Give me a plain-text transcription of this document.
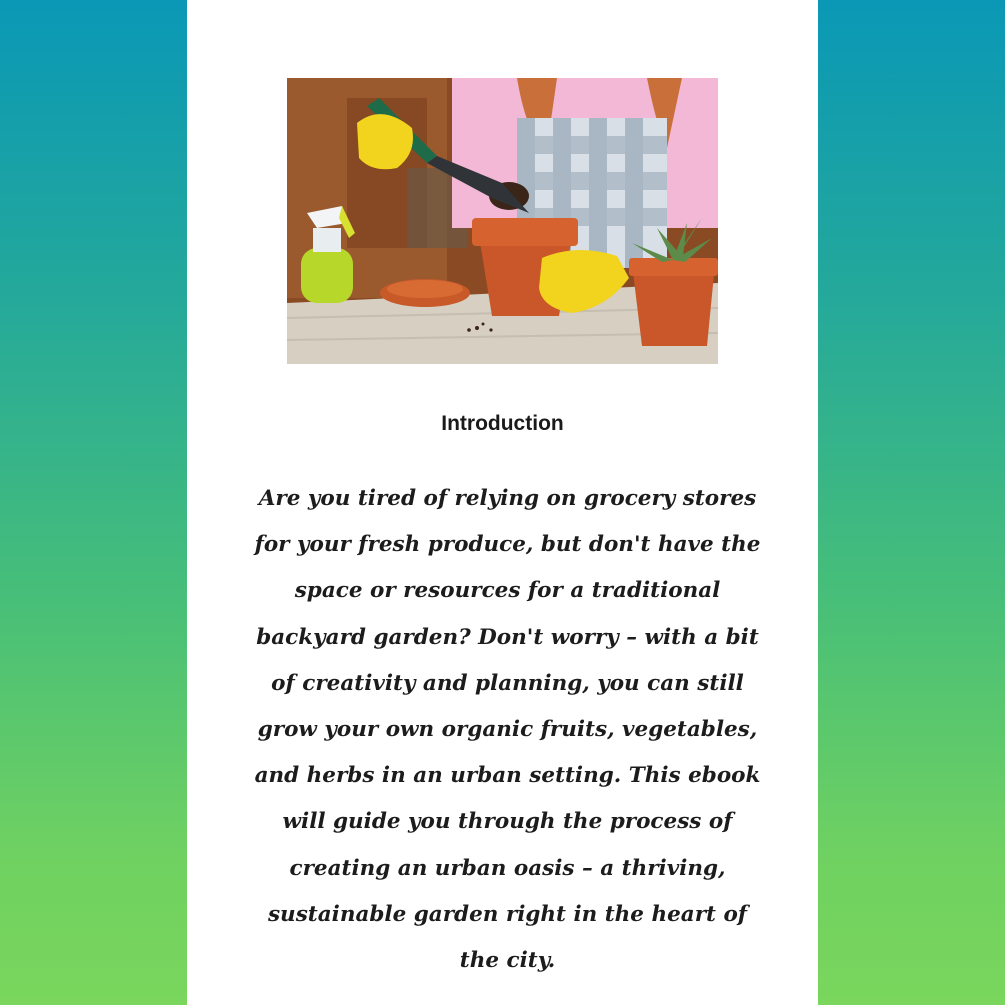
Introduction

Are you tired of relying on grocery stores for your fresh produce, but don't have the space or resources for a traditional backyard garden? Don't worry – with a bit of creativity and planning, you can still grow your own organic fruits, vegetables, and herbs in an urban setting. This ebook will guide you through the process of creating an urban oasis – a thriving, sustainable garden right in the heart of the city.
